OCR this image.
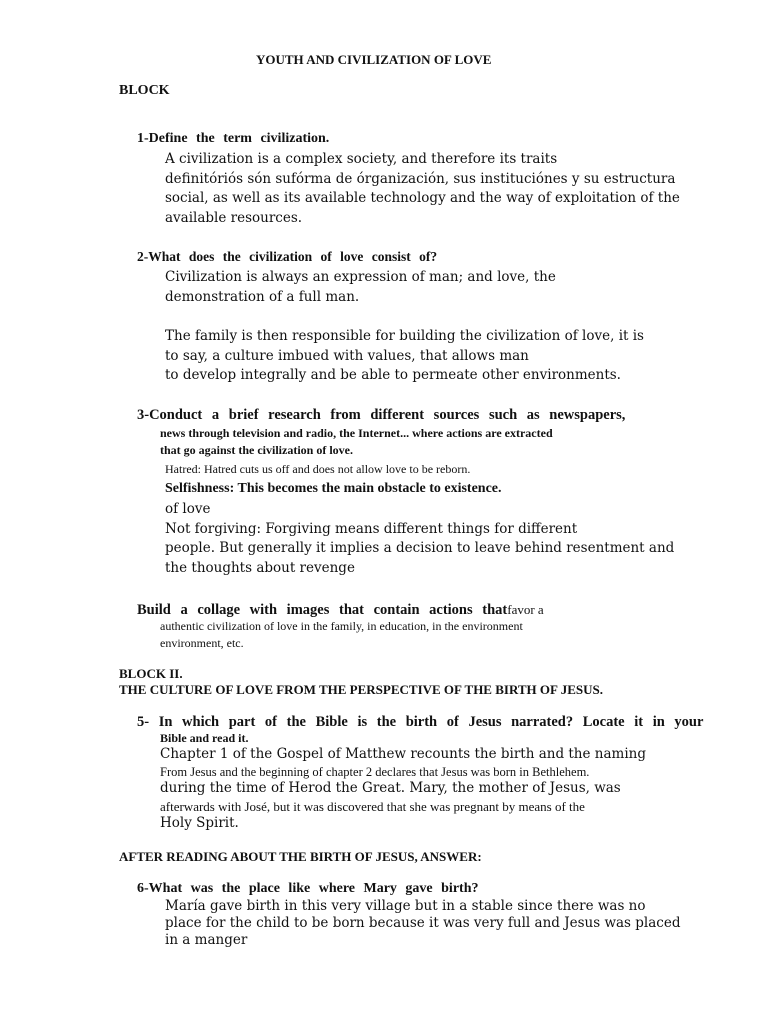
YOUTH AND CIVILIZATION OF LOVE
BLOCK
1-Define the term civilization.
A civilization is a complex society, and therefore its traits
definitóriós són sufórma de órganización, sus instituciónes y su estructura
social, as well as its available technology and the way of exploitation of the
available resources.
2-What does the civilization of love consist of?
Civilization is always an expression of man; and love, the
demonstration of a full man.
The family is then responsible for building the civilization of love, it is
to say, a culture imbued with values, that allows man
to develop integrally and be able to permeate other environments.
3-Conduct a brief research from different sources such as newspapers,
news through television and radio, the Internet... where actions are extracted
that go against the civilization of love.
Hatred: Hatred cuts us off and does not allow love to be reborn.
Selfishness: This becomes the main obstacle to existence.
of love
Not forgiving: Forgiving means different things for different
people. But generally it implies a decision to leave behind resentment and
the thoughts about revenge
Build a collage with images that contain actions thatfavor a
authentic civilization of love in the family, in education, in the environment
environment, etc.
BLOCK II.
THE CULTURE OF LOVE FROM THE PERSPECTIVE OF THE BIRTH OF JESUS.
5- In which part of the Bible is the birth of Jesus narrated? Locate it in your
Bible and read it.
Chapter 1 of the Gospel of Matthew recounts the birth and the naming
From Jesus and the beginning of chapter 2 declares that Jesus was born in Bethlehem.
during the time of Herod the Great. Mary, the mother of Jesus, was
afterwards with José, but it was discovered that she was pregnant by means of the
Holy Spirit.
AFTER READING ABOUT THE BIRTH OF JESUS, ANSWER:
6-What was the place like where Mary gave birth?
María gave birth in this very village but in a stable since there was no
place for the child to be born because it was very full and Jesus was placed
in a manger
